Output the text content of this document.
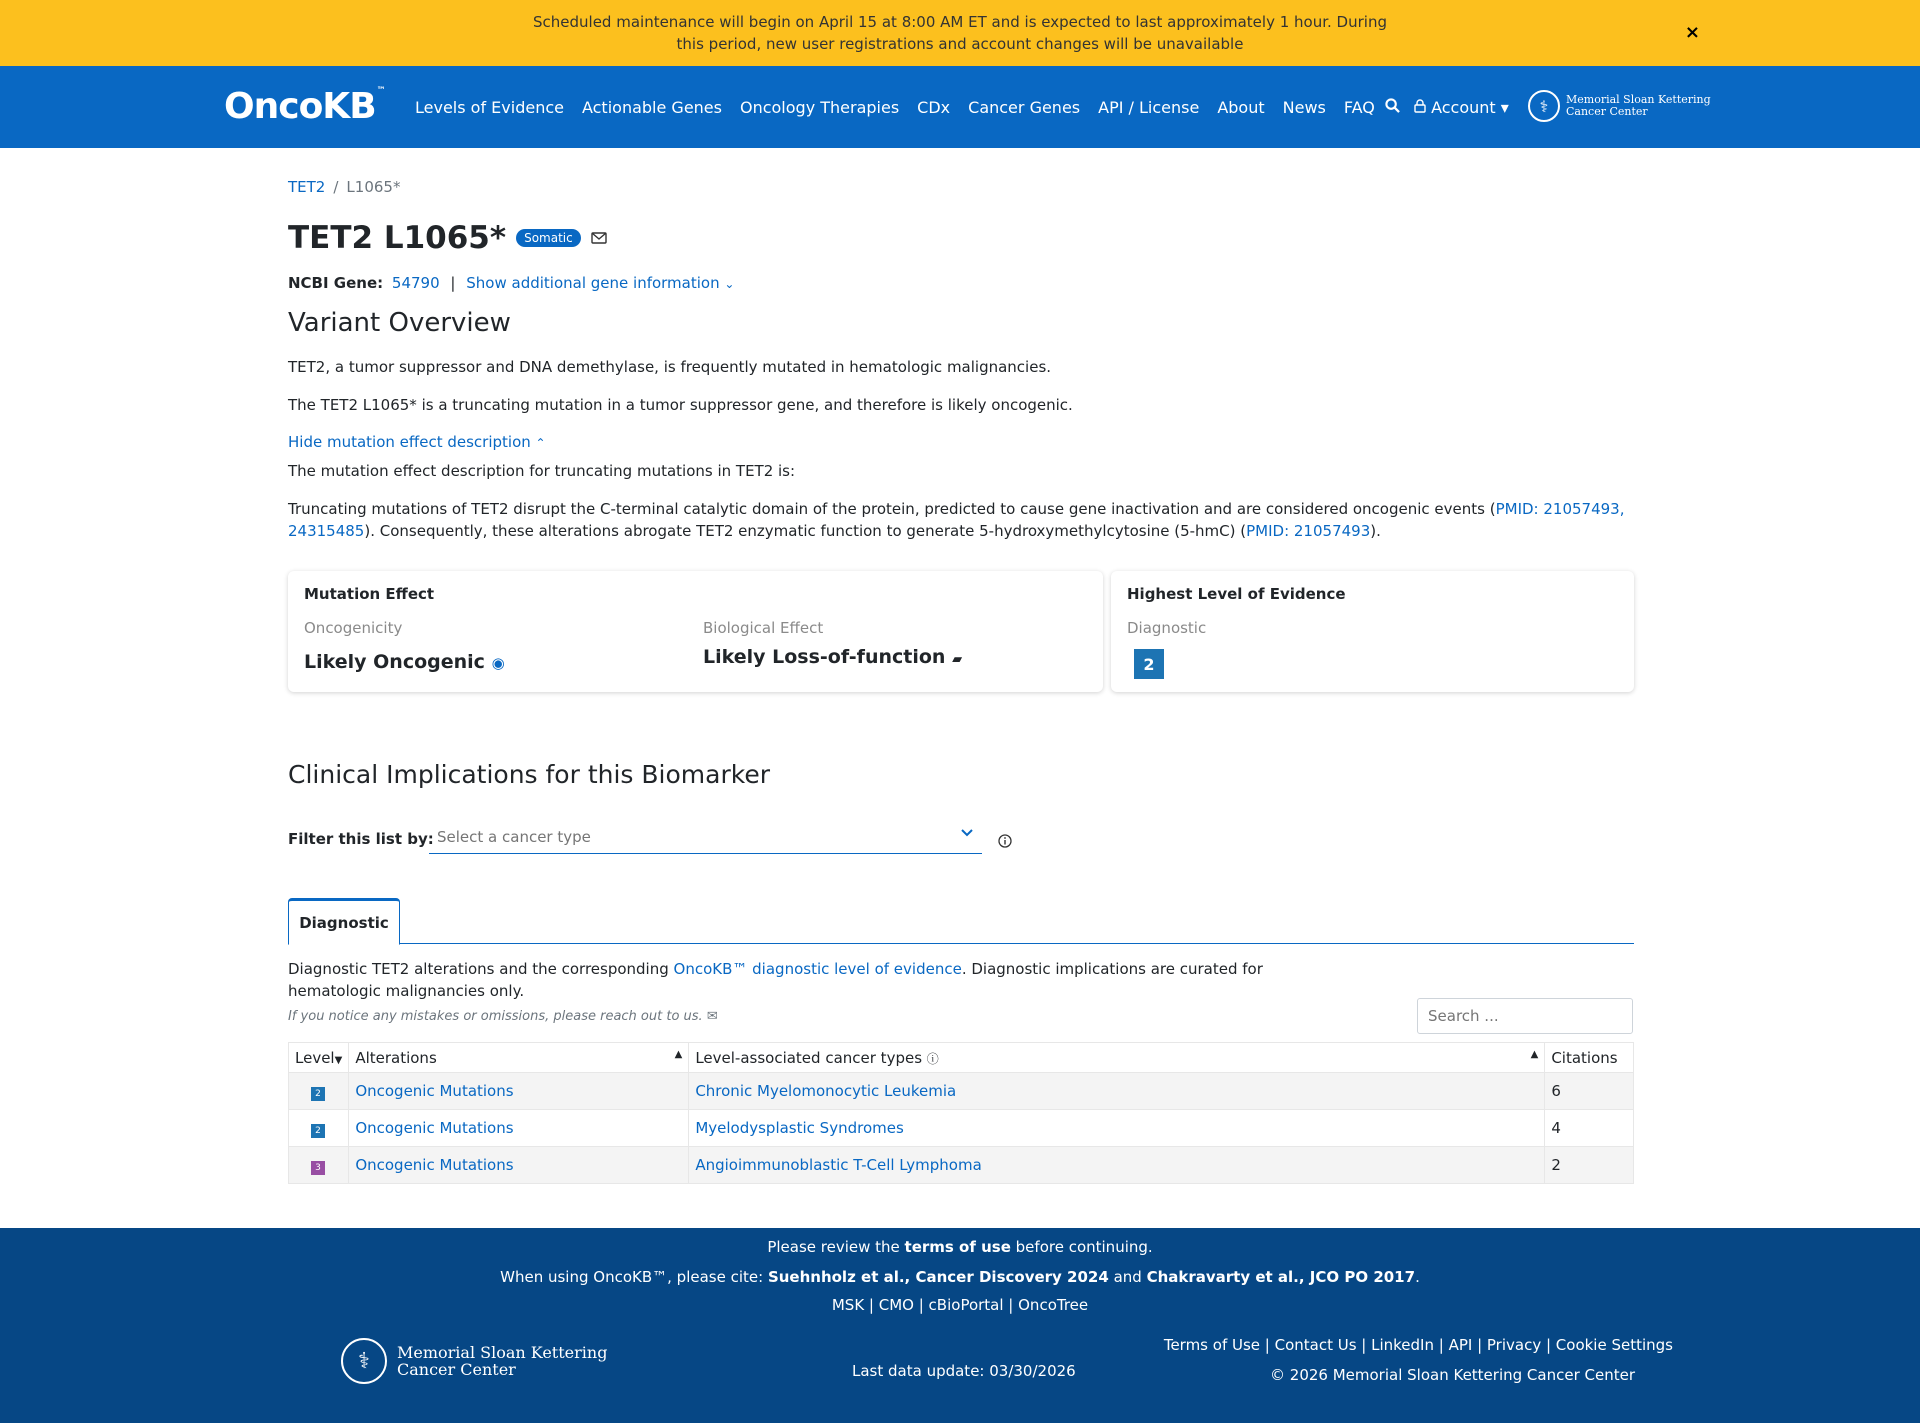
Scheduled maintenance will begin on April 15 at 8:00 AM ET and is expected to last approximately 1 hour. During this period, new user registrations and account changes will be unavailable
×
OncoKB™
Levels of Evidence Actionable Genes Oncology Therapies CDx Cancer Genes API / License About News FAQ	Account ▾	⚕	Memorial Sloan Kettering
Cancer Center
TET2 / L1065*
TET2 L1065*	Somatic
NCBI Gene: 54790 | Show additional gene information ⌄
Variant Overview
TET2, a tumor suppressor and DNA demethylase, is frequently mutated in hematologic malignancies.
The TET2 L1065* is a truncating mutation in a tumor suppressor gene, and therefore is likely oncogenic.
Hide mutation effect description ⌃
The mutation effect description for truncating mutations in TET2 is:
Truncating mutations of TET2 disrupt the C-terminal catalytic domain of the protein, predicted to cause gene inactivation and are considered oncogenic events (PMID: 21057493, 24315485). Consequently, these alterations abrogate TET2 enzymatic function to generate 5-hydroxymethylcytosine (5-hmC) (PMID: 21057493).
Mutation Effect
Oncogenicity
Likely Oncogenic ◉
Biological Effect
Likely Loss-of-function ▰
Highest Level of Evidence
Diagnostic
2
Clinical Implications for this Biomarker
Filter this list by: Select a cancer type
Diagnostic
Diagnostic TET2 alterations and the corresponding OncoKB™ diagnostic level of evidence. Diagnostic implications are curated for hematologic malignancies only.
If you notice any mistakes or omissions, please reach out to us. ✉	Search ...
Level▼	Alterations ▲	Level-associated cancer types ⓘ ▲	Citations
2	Oncogenic Mutations	Chronic Myelomonocytic Leukemia	6
2	Oncogenic Mutations	Myelodysplastic Syndromes	4
3	Oncogenic Mutations	Angioimmunoblastic T-Cell Lymphoma	2
Please review the terms of use before continuing.
When using OncoKB™, please cite: Suehnholz et al., Cancer Discovery 2024 and Chakravarty et al., JCO PO 2017.
MSK | CMO | cBioPortal | OncoTree
⚕	Memorial Sloan Kettering
Cancer Center	Last data update: 03/30/2026
Terms of Use | Contact Us | LinkedIn | API | Privacy | Cookie Settings
© 2026 Memorial Sloan Kettering Cancer Center
